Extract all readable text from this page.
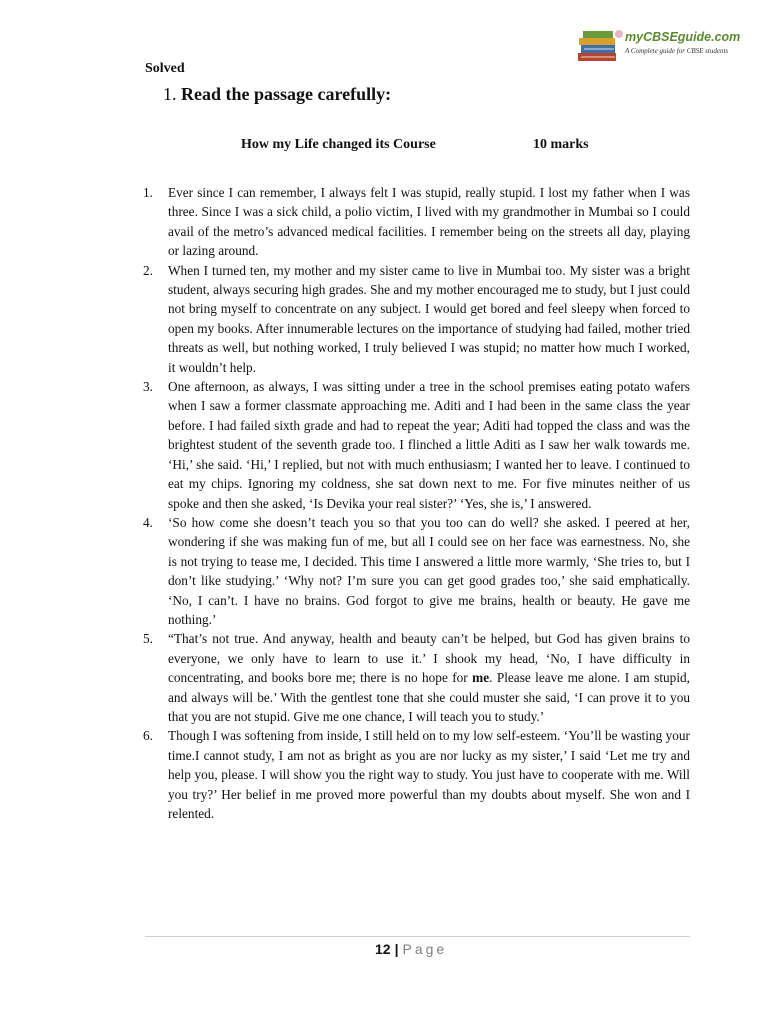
myCBSEguide.com
A Complete guide for CBSE students
Solved
1. Read the passage carefully:
How my Life changed its Course	10 marks
1. Ever since I can remember, I always felt I was stupid, really stupid. I lost my father when I was three. Since I was a sick child, a polio victim, I lived with my grandmother in Mumbai so I could avail of the metro’s advanced medical facilities. I remember being on the streets all day, playing or lazing around.
2. When I turned ten, my mother and my sister came to live in Mumbai too. My sister was a bright student, always securing high grades. She and my mother encouraged me to study, but I just could not bring myself to concentrate on any subject. I would get bored and feel sleepy when forced to open my books. After innumerable lectures on the importance of studying had failed, mother tried threats as well, but nothing worked, I truly believed I was stupid; no matter how much I worked, it wouldn’t help.
3. One afternoon, as always, I was sitting under a tree in the school premises eating potato wafers when I saw a former classmate approaching me. Aditi and I had been in the same class the year before. I had failed sixth grade and had to repeat the year; Aditi had topped the class and was the brightest student of the seventh grade too. I flinched a little Aditi as I saw her walk towards me. ‘Hi,’ she said. ‘Hi,’ I replied, but not with much enthusiasm; I wanted her to leave. I continued to eat my chips. Ignoring my coldness, she sat down next to me. For five minutes neither of us spoke and then she asked, ‘Is Devika your real sister?’ ‘Yes, she is,’ I answered.
4. ‘So how come she doesn’t teach you so that you too can do well? she asked. I peered at her, wondering if she was making fun of me, but all I could see on her face was earnestness. No, she is not trying to tease me, I decided. This time I answered a little more warmly, ‘She tries to, but I don’t like studying.’ ‘Why not? I’m sure you can get good grades too,’ she said emphatically. ‘No, I can’t. I have no brains. God forgot to give me brains, health or beauty. He gave me nothing.’
5. “That’s not true. And anyway, health and beauty can’t be helped, but God has given brains to everyone, we only have to learn to use it.’ I shook my head, ‘No, I have difficulty in concentrating, and books bore me; there is no hope for me. Please leave me alone. I am stupid, and always will be.’ With the gentlest tone that she could muster she said, ‘I can prove it to you that you are not stupid. Give me one chance, I will teach you to study.’
6. Though I was softening from inside, I still held on to my low self-esteem. ‘You’ll be wasting your time.I cannot study, I am not as bright as you are nor lucky as my sister,’ I said ‘Let me try and help you, please. I will show you the right way to study. You just have to cooperate with me. Will you try?’ Her belief in me proved more powerful than my doubts about myself. She won and I relented.
12 | Page
